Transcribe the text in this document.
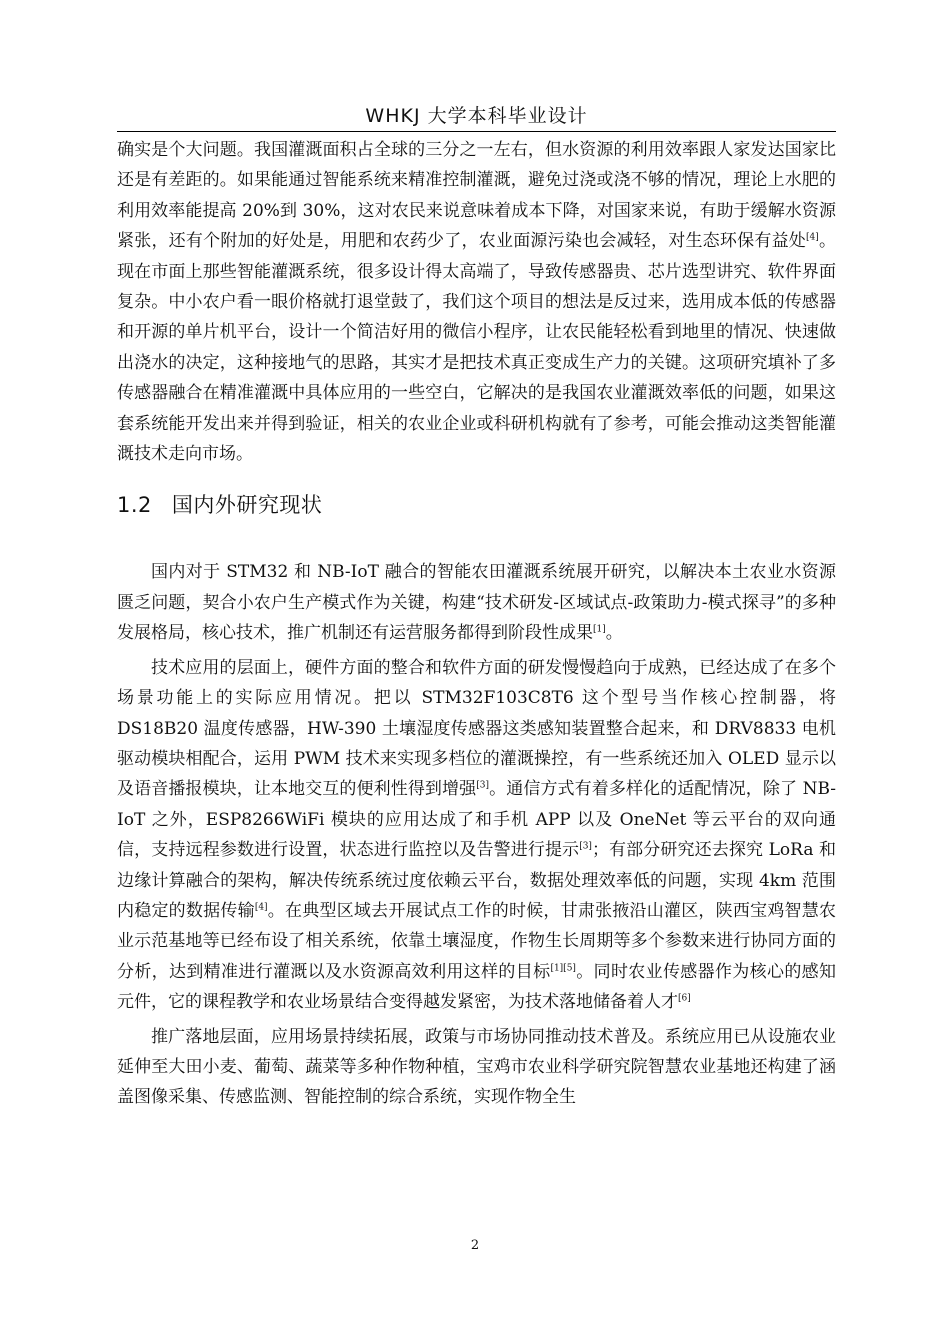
WHKJ 大学本科毕业设计

确实是个大问题。我国灌溉面积占全球的三分之一左右，但水资源的利用效率跟人家发达国家比还是有差距的。如果能通过智能系统来精准控制灌溉，避免过浇或浇不够的情况，理论上水肥的利用效率能提高 20%到 30%，这对农民来说意味着成本下降，对国家来说，有助于缓解水资源紧张，还有个附加的好处是，用肥和农药少了，农业面源污染也会减轻，对生态环保有益处[4]。现在市面上那些智能灌溉系统，很多设计得太高端了，导致传感器贵、芯片选型讲究、软件界面复杂。中小农户看一眼价格就打退堂鼓了，我们这个项目的想法是反过来，选用成本低的传感器和开源的单片机平台，设计一个简洁好用的微信小程序，让农民能轻松看到地里的情况、快速做出浇水的决定，这种接地气的思路，其实才是把技术真正变成生产力的关键。这项研究填补了多传感器融合在精准灌溉中具体应用的一些空白，它解决的是我国农业灌溉效率低的问题，如果这套系统能开发出来并得到验证，相关的农业企业或科研机构就有了参考，可能会推动这类智能灌溉技术走向市场。

1.2 国内外研究现状

国内对于 STM32 和 NB-IoT 融合的智能农田灌溉系统展开研究，以解决本土农业水资源匮乏问题，契合小农户生产模式作为关键，构建“技术研发-区域试点-政策助力-模式探寻”的多种发展格局，核心技术，推广机制还有运营服务都得到阶段性成果[1]。

技术应用的层面上，硬件方面的整合和软件方面的研发慢慢趋向于成熟，已经达成了在多个场景功能上的实际应用情况。把以 STM32F103C8T6 这个型号当作核心控制器，将 DS18B20 温度传感器，HW-390 土壤湿度传感器这类感知装置整合起来，和 DRV8833 电机驱动模块相配合，运用 PWM 技术来实现多档位的灌溉操控，有一些系统还加入 OLED 显示以及语音播报模块，让本地交互的便利性得到增强[3]。通信方式有着多样化的适配情况，除了 NB-IoT 之外，ESP8266WiFi 模块的应用达成了和手机 APP 以及 OneNet 等云平台的双向通信，支持远程参数进行设置，状态进行监控以及告警进行提示[3]；有部分研究还去探究 LoRa 和边缘计算融合的架构，解决传统系统过度依赖云平台，数据处理效率低的问题，实现 4km 范围内稳定的数据传输[4]。在典型区域去开展试点工作的时候，甘肃张掖沿山灌区，陕西宝鸡智慧农业示范基地等已经布设了相关系统，依靠土壤湿度，作物生长周期等多个参数来进行协同方面的分析，达到精准进行灌溉以及水资源高效利用这样的目标[1][5]。同时农业传感器作为核心的感知元件，它的课程教学和农业场景结合变得越发紧密，为技术落地储备着人才[6]

推广落地层面，应用场景持续拓展，政策与市场协同推动技术普及。系统应用已从设施农业延伸至大田小麦、葡萄、蔬菜等多种作物种植，宝鸡市农业科学研究院智慧农业基地还构建了涵盖图像采集、传感监测、智能控制的综合系统，实现作物全生

2
